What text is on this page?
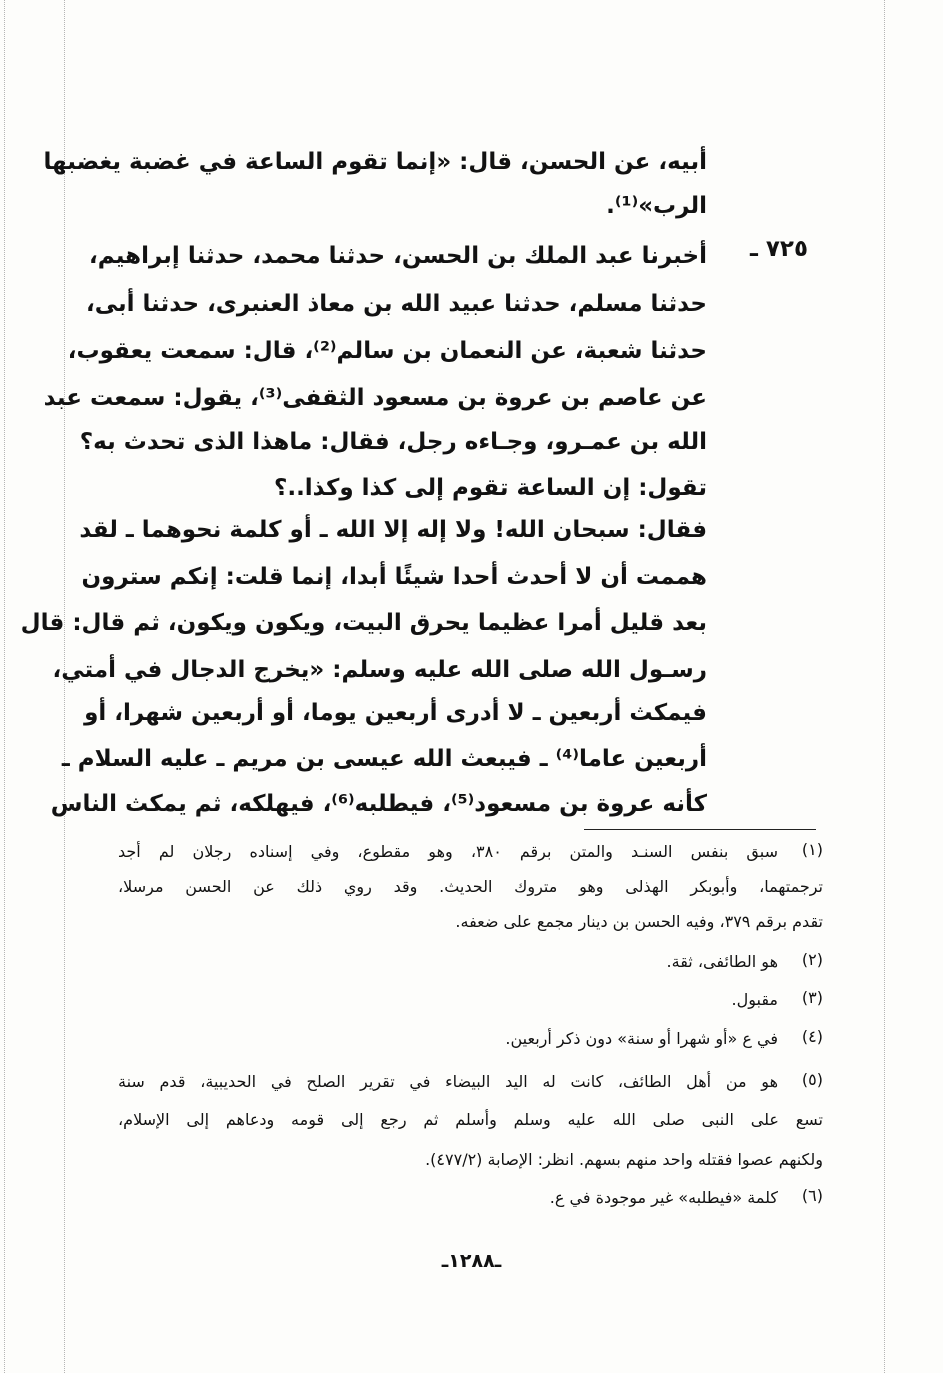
أبيه، عن الحسن، قال: «إنما تقوم الساعة في غضبة يغضبها
الرب»⁽¹⁾.
٧٢٥ ـ
أخبرنا عبد الملك بن الحسن، حدثنا محمد، حدثنا إبراهيم،
حدثنا مسلم، حدثنا عبيد الله بن معاذ العنبرى، حدثنا أبى،
حدثنا شعبة، عن النعمان بن سالم⁽²⁾، قال: سمعت يعقوب،
عن عاصم بن عروة بن مسعود الثقفى⁽³⁾، يقول: سمعت عبد
الله بن عمـرو، وجـاءه رجل، فقال: ماهذا الذى تحدث به؟
تقول: إن الساعة تقوم إلى كذا وكذا..؟
فقال: سبحان الله! ولا إله إلا الله ـ أو كلمة نحوهما ـ لقد
هممت أن لا أحدث أحدا شيئًا أبدا، إنما قلت: إنكم سترون
بعد قليل أمرا عظيما يحرق البيت، ويكون ويكون، ثم قال: قال
رسـول الله صلى الله عليه وسلم: «يخرج الدجال في أمتي،
فيمكث أربعين ـ لا أدرى أربعين يوما، أو أربعين شهرا، أو
أربعين عاما⁽⁴⁾ ـ فيبعث الله عيسى بن مريم ـ عليه السلام ـ
كأنه عروة بن مسعود⁽⁵⁾، فيطلبه⁽⁶⁾، فيهلكه، ثم يمكث الناس
(١)
سبق بنفس السنـد والمتن برقم ٣٨٠، وهو مقطوع، وفي إسناده رجلان لم أجد
ترجمتهما، وأبوبكر الهذلى وهو متروك الحديث. وقد روي ذلك عن الحسن مرسلا،
تقدم برقم ٣٧٩، وفيه الحسن بن دينار مجمع على ضعفه.
(٢)
هو الطائفى، ثقة.
(٣)
مقبول.
(٤)
في ع «أو شهرا أو سنة» دون ذكر أربعين.
(٥)
هو من أهل الطائف، كانت له اليد البيضاء في تقرير الصلح في الحديبية، قدم سنة
تسع على النبى صلى الله عليه وسلم وأسلم ثم رجع إلى قومه ودعاهم إلى الإسلام،
ولكنهم عصوا فقتله واحد منهم بسهم. انظر: الإصابة (٤٧٧/٢).
(٦)
كلمة «فيطلبه» غير موجودة في ع.
ـ١٢٨٨ـ
